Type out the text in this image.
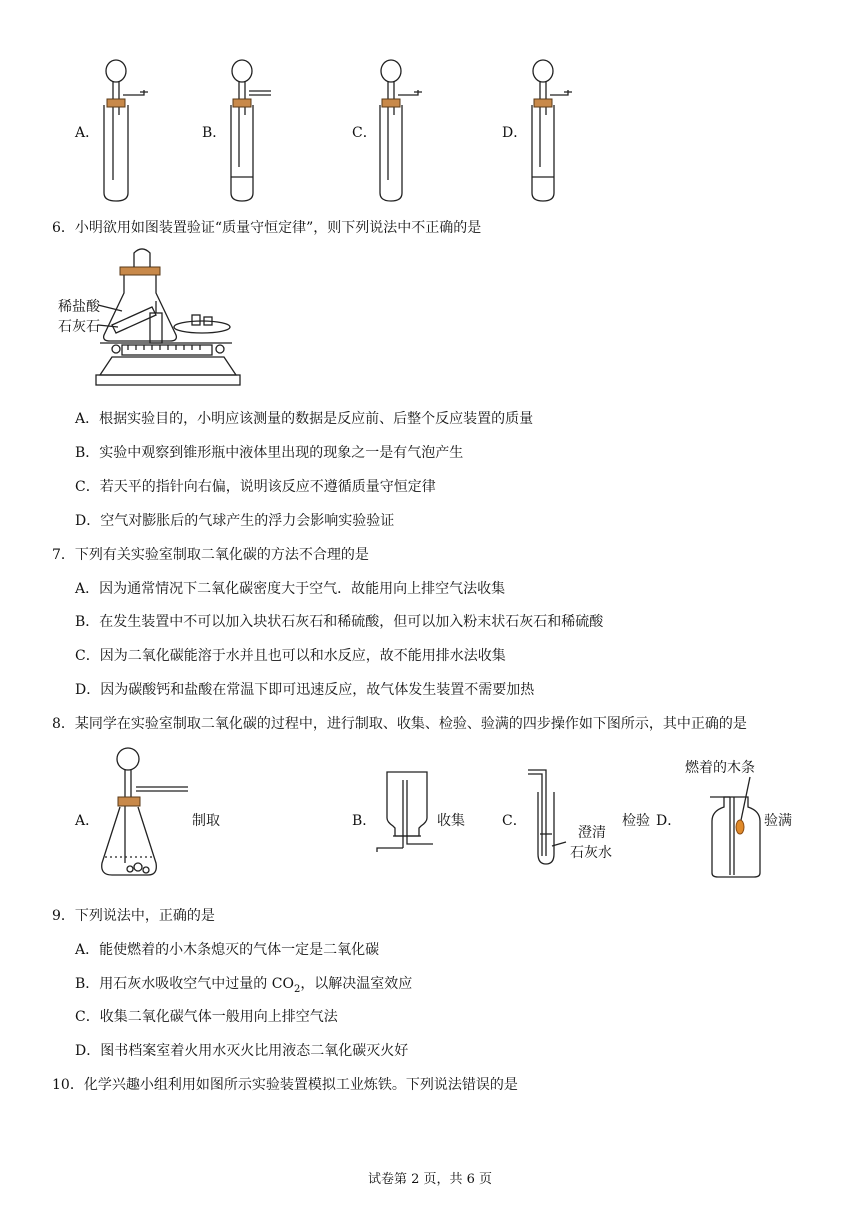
A．	B．	C．	D．
6．小明欲用如图装置验证“质量守恒定律”，则下列说法中不正确的是
稀盐酸
石灰石
A．根据实验目的，小明应该测量的数据是反应前、后整个反应装置的质量
B．实验中观察到锥形瓶中液体里出现的现象之一是有气泡产生
C．若天平的指针向右偏，说明该反应不遵循质量守恒定律
D．空气对膨胀后的气球产生的浮力会影响实验验证
7．下列有关实验室制取二氧化碳的方法不合理的是
A．因为通常情况下二氧化碳密度大于空气．故能用向上排空气法收集
B．在发生装置中不可以加入块状石灰石和稀硫酸，但可以加入粉末状石灰石和稀硫酸
C．因为二氧化碳能溶于水并且也可以和水反应，故不能用排水法收集
D．因为碳酸钙和盐酸在常温下即可迅速反应，故气体发生装置不需要加热
8．某同学在实验室制取二氧化碳的过程中，进行制取、收集、检验、验满的四步操作如下图所示，其中正确的是
A．	制取	B．	收集	C．
澄清
石灰水
检验 D．
燃着的木条
验满
9．下列说法中，正确的是
A．能使燃着的小木条熄灭的气体一定是二氧化碳
B．用石灰水吸收空气中过量的 $CO_2$，以解决温室效应
C．收集二氧化碳气体一般用向上排空气法
D．图书档案室着火用水灭火比用液态二氧化碳灭火好
10．化学兴趣小组利用如图所示实验装置模拟工业炼铁。下列说法错误的是
试卷第 2 页，共 6 页
